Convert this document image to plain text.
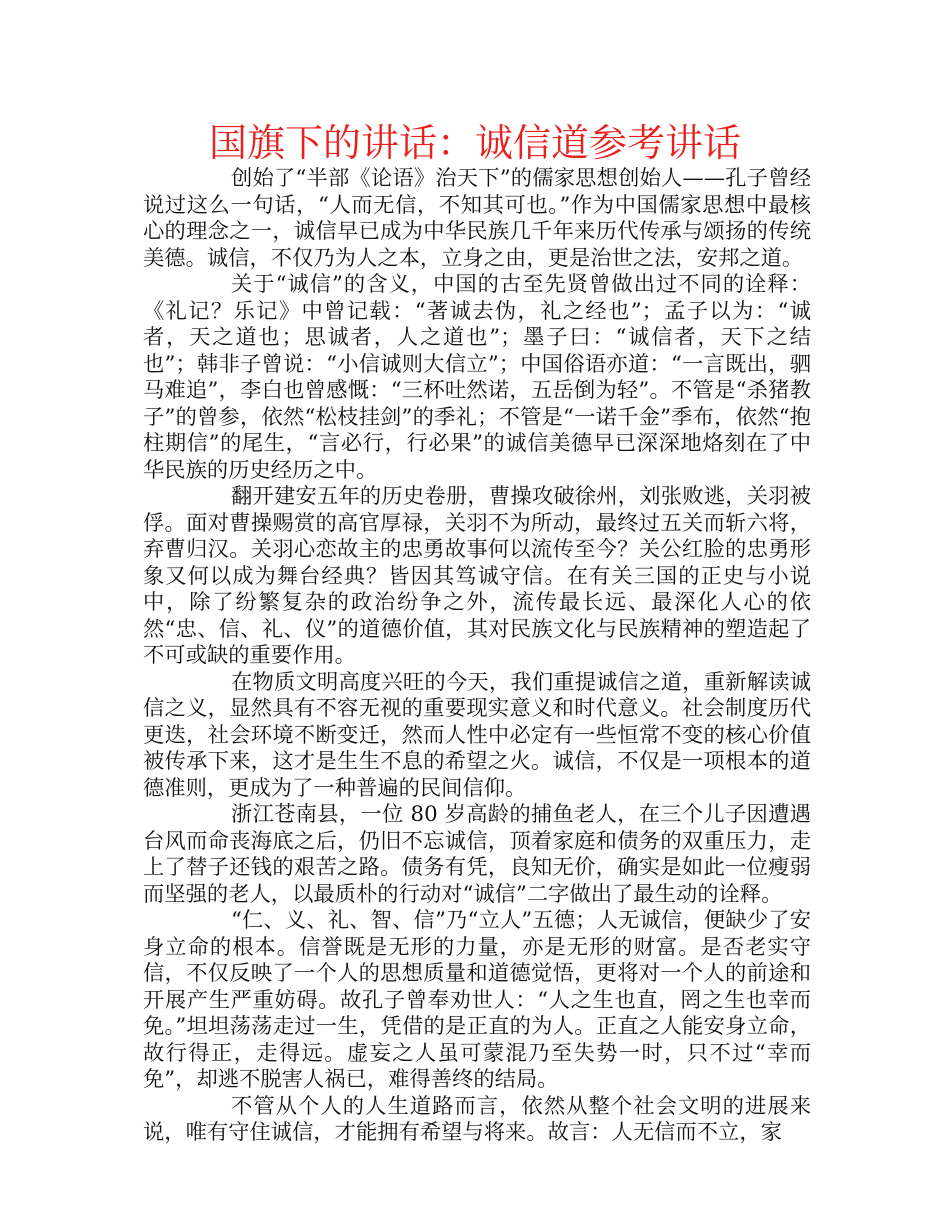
国旗下的讲话：诚信道参考讲话

创始了“半部《论语》治天下”的儒家思想创始人——孔子曾经说过这么一句话，“人而无信，不知其可也。”作为中国儒家思想中最核心的理念之一，诚信早已成为中华民族几千年来历代传承与颂扬的传统美德。诚信，不仅乃为人之本，立身之由，更是治世之法，安邦之道。

关于“诚信”的含义，中国的古至先贤曾做出过不同的诠释：《礼记？乐记》中曾记载：“著诚去伪，礼之经也”；孟子以为：“诚者，天之道也；思诚者，人之道也”；墨子曰：“诚信者，天下之结也”；韩非子曾说：“小信诚则大信立”；中国俗语亦道：“一言既出，驷马难追”，李白也曾感慨：“三杯吐然诺，五岳倒为轻”。不管是“杀猪教子”的曾参，依然“松枝挂剑”的季礼；不管是“一诺千金”季布，依然“抱柱期信”的尾生，“言必行，行必果”的诚信美德早已深深地烙刻在了中华民族的历史经历之中。

翻开建安五年的历史卷册，曹操攻破徐州，刘张败逃，关羽被俘。面对曹操赐赏的高官厚禄，关羽不为所动，最终过五关而斩六将，弃曹归汉。关羽心恋故主的忠勇故事何以流传至今？关公红脸的忠勇形象又何以成为舞台经典？皆因其笃诚守信。在有关三国的正史与小说中，除了纷繁复杂的政治纷争之外，流传最长远、最深化人心的依然“忠、信、礼、仪”的道德价值，其对民族文化与民族精神的塑造起了不可或缺的重要作用。

在物质文明高度兴旺的今天，我们重提诚信之道，重新解读诚信之义，显然具有不容无视的重要现实意义和时代意义。社会制度历代更迭，社会环境不断变迁，然而人性中必定有一些恒常不变的核心价值被传承下来，这才是生生不息的希望之火。诚信，不仅是一项根本的道德准则，更成为了一种普遍的民间信仰。

浙江苍南县，一位 80 岁高龄的捕鱼老人，在三个儿子因遭遇台风而命丧海底之后，仍旧不忘诚信，顶着家庭和债务的双重压力，走上了替子还钱的艰苦之路。债务有凭，良知无价，确实是如此一位瘦弱而坚强的老人，以最质朴的行动对“诚信”二字做出了最生动的诠释。

“仁、义、礼、智、信”乃“立人”五德；人无诚信，便缺少了安身立命的根本。信誉既是无形的力量，亦是无形的财富。是否老实守信，不仅反映了一个人的思想质量和道德觉悟，更将对一个人的前途和开展产生严重妨碍。故孔子曾奉劝世人：“人之生也直，罔之生也幸而免。”坦坦荡荡走过一生，凭借的是正直的为人。正直之人能安身立命，故行得正，走得远。虚妄之人虽可蒙混乃至失势一时，只不过“幸而免”，却逃不脱害人祸已，难得善终的结局。

不管从个人的人生道路而言，依然从整个社会文明的进展来说，唯有守住诚信，才能拥有希望与将来。故言：人无信而不立，家
